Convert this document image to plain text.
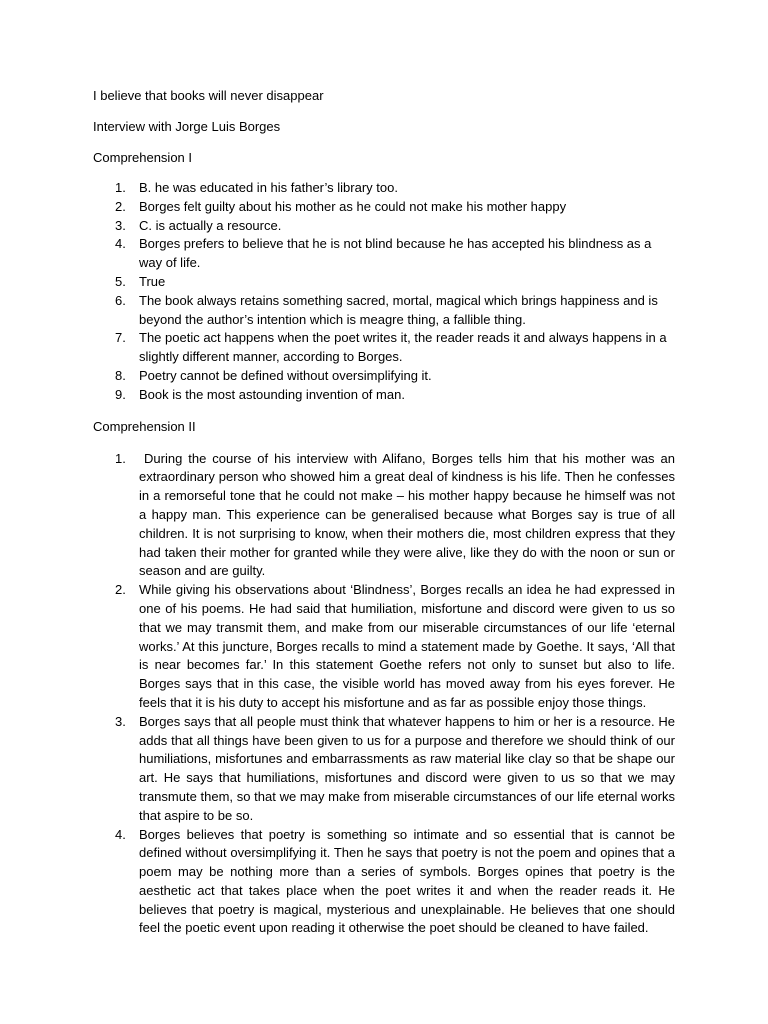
I believe that books will never disappear

Interview with Jorge Luis Borges

Comprehension I

1. B. he was educated in his father’s library too.
2. Borges felt guilty about his mother as he could not make his mother happy
3. C. is actually a resource.
4. Borges prefers to believe that he is not blind because he has accepted his blindness as a way of life.
5. True
6. The book always retains something sacred, mortal, magical which brings happiness and is beyond the author’s intention which is meagre thing, a fallible thing.
7. The poetic act happens when the poet writes it, the reader reads it and always happens in a slightly different manner, according to Borges.
8. Poetry cannot be defined without oversimplifying it.
9. Book is the most astounding invention of man.

Comprehension II

1. During the course of his interview with Alifano, Borges tells him that his mother was an extraordinary person who showed him a great deal of kindness is his life. Then he confesses in a remorseful tone that he could not make – his mother happy because he himself was not a happy man. This experience can be generalised because what Borges say is true of all children. It is not surprising to know, when their mothers die, most children express that they had taken their mother for granted while they were alive, like they do with the noon or sun or season and are guilty.
2. While giving his observations about ‘Blindness’, Borges recalls an idea he had expressed in one of his poems. He had said that humiliation, misfortune and discord were given to us so that we may transmit them, and make from our miserable circumstances of our life ‘eternal works.’ At this juncture, Borges recalls to mind a statement made by Goethe. It says, ‘All that is near becomes far.’ In this statement Goethe refers not only to sunset but also to life. Borges says that in this case, the visible world has moved away from his eyes forever. He feels that it is his duty to accept his misfortune and as far as possible enjoy those things.
3. Borges says that all people must think that whatever happens to him or her is a resource. He adds that all things have been given to us for a purpose and therefore we should think of our humiliations, misfortunes and embarrassments as raw material like clay so that be shape our art. He says that humiliations, misfortunes and discord were given to us so that we may transmute them, so that we may make from miserable circumstances of our life eternal works that aspire to be so.
4. Borges believes that poetry is something so intimate and so essential that is cannot be defined without oversimplifying it. Then he says that poetry is not the poem and opines that a poem may be nothing more than a series of symbols. Borges opines that poetry is the aesthetic act that takes place when the poet writes it and when the reader reads it. He believes that poetry is magical, mysterious and unexplainable. He believes that one should feel the poetic event upon reading it otherwise the poet should be cleaned to have failed.
